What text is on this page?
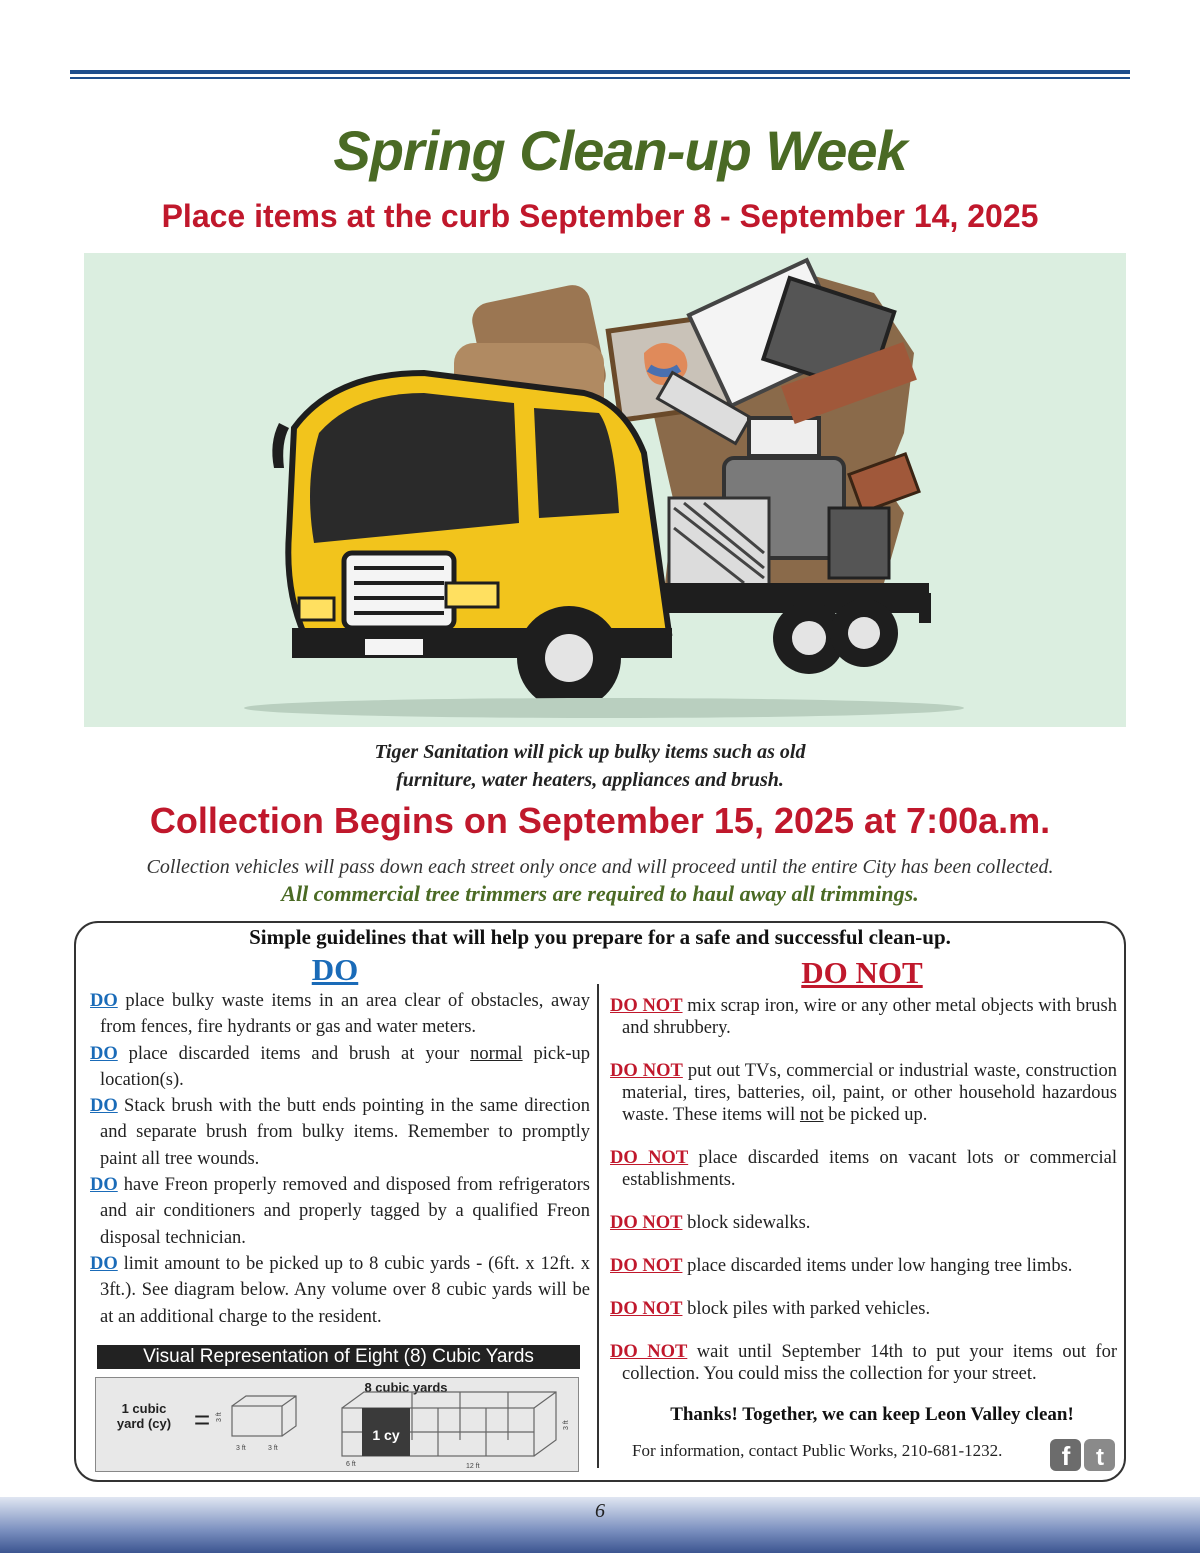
Spring Clean-up Week
Place items at the curb September 8 - September 14, 2025
Tiger Sanitation will pick up bulky items such as old
furniture, water heaters, appliances and brush.
Collection Begins on September 15, 2025 at 7:00a.m.
Collection vehicles will pass down each street only once and will proceed until the entire City has been collected.
All commercial tree trimmers are required to haul away all trimmings.
Simple guidelines that will help you prepare for a safe and successful clean-up.
DO	DO NOT

DO place bulky waste items in an area clear of obstacles, away from fences, fire hydrants or gas and water meters.

DO place discarded items and brush at your normal pick-up location(s).

DO Stack brush with the butt ends pointing in the same direction and separate brush from bulky items. Remember to promptly paint all tree wounds.

DO have Freon properly removed and disposed from refrigerators and air conditioners and properly tagged by a qualified Freon disposal technician.

DO limit amount to be picked up to 8 cubic yards - (6ft. x 12ft. x 3ft.). See diagram below. Any volume over 8 cubic yards will be at an additional charge to the resident.

DO NOT mix scrap iron, wire or any other metal objects with brush and shrubbery.

DO NOT put out TVs, commercial or industrial waste, construction material, tires, batteries, oil, paint, or other household hazardous waste. These items will not be picked up.

DO NOT place discarded items on vacant lots or commercial establishments.

DO NOT block sidewalks.

DO NOT place discarded items under low hanging tree limbs.

DO NOT block piles with parked vehicles.

DO NOT wait until September 14th to put your items out for collection. You could miss the collection for your street.

Visual Representation of Eight (8) Cubic Yards
1 cubic
yard (cy) = 3 ft
3 ft	3 ft
8 cubic yards
1 cy
3 ft
6 ft	12 ft
Thanks! Together, we can keep Leon Valley clean!
For information, contact Public Works, 210-681-1232.	f t
6
